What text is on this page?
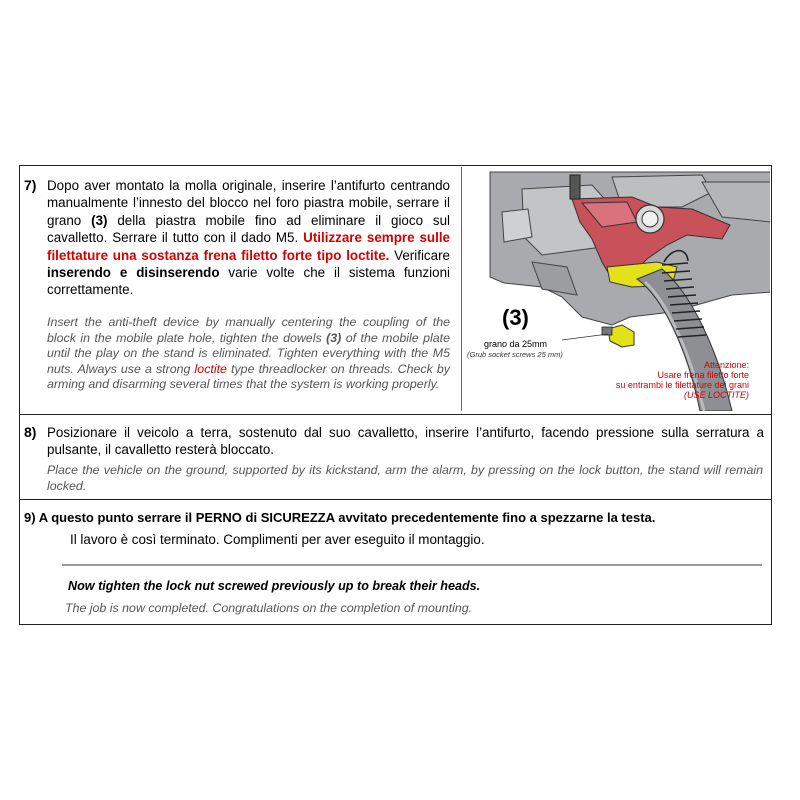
7) Dopo aver montato la molla originale, inserire l’antifurto centrando manualmente l’innesto del blocco nel foro piastra mobile, serrare il grano (3) della piastra mobile fino ad eliminare il gioco sul cavalletto. Serrare il tutto con il dado M5. Utilizzare sempre sulle filettature una sostanza frena filetto forte tipo loctite. Verificare inserendo e disinserendo varie volte che il sistema funzioni correttamente.
Insert the anti-theft device by manually centering the coupling of the block in the mobile plate hole, tighten the dowels (3) of the mobile plate until the play on the stand is eliminated. Tighten everything with the M5 nuts. Always use a strong loctite type threadlocker on threads. Check by arming and disarming several times that the system is working properly.
(3)
grano da 25mm
(Grub socket screws 25 mm)
Attenzione:
Usare frena filetto forte
su entrambi le filettature dei grani
(USE LOCTITE)
8) Posizionare il veicolo a terra, sostenuto dal suo cavalletto, inserire l’antifurto, facendo pressione sulla serratura a pulsante, il cavalletto resterà bloccato.
Place the vehicle on the ground, supported by its kickstand, arm the alarm, by pressing on the lock button, the stand will remain locked.
9) A questo punto serrare il PERNO di SICUREZZA avvitato precedentemente fino a spezzarne la testa.
Il lavoro è così terminato. Complimenti per aver eseguito il montaggio.
Now tighten the lock nut screwed previously up to break their heads.
The job is now completed. Congratulations on the completion of mounting.
